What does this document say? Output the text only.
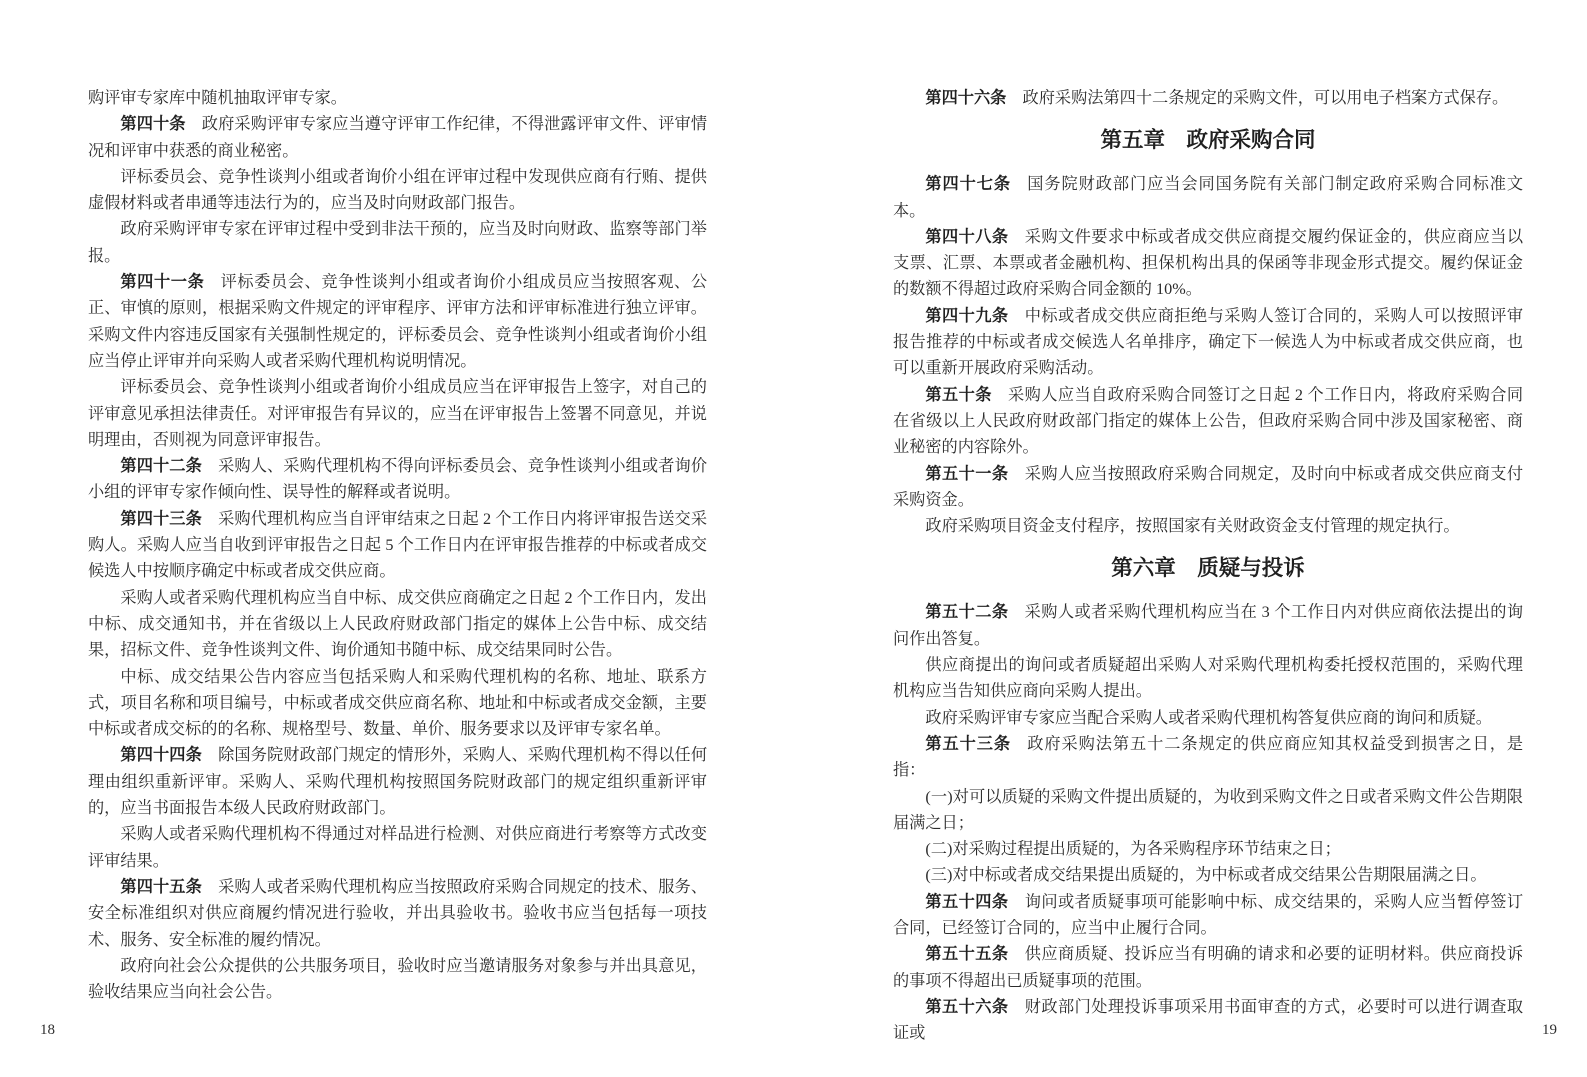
购评审专家库中随机抽取评审专家。

第四十条 政府采购评审专家应当遵守评审工作纪律，不得泄露评审文件、评审情况和评审中获悉的商业秘密。

评标委员会、竞争性谈判小组或者询价小组在评审过程中发现供应商有行贿、提供虚假材料或者串通等违法行为的，应当及时向财政部门报告。

政府采购评审专家在评审过程中受到非法干预的，应当及时向财政、监察等部门举报。

第四十一条 评标委员会、竞争性谈判小组或者询价小组成员应当按照客观、公正、审慎的原则，根据采购文件规定的评审程序、评审方法和评审标准进行独立评审。采购文件内容违反国家有关强制性规定的，评标委员会、竞争性谈判小组或者询价小组应当停止评审并向采购人或者采购代理机构说明情况。

评标委员会、竞争性谈判小组或者询价小组成员应当在评审报告上签字，对自己的评审意见承担法律责任。对评审报告有异议的，应当在评审报告上签署不同意见，并说明理由，否则视为同意评审报告。

第四十二条 采购人、采购代理机构不得向评标委员会、竞争性谈判小组或者询价小组的评审专家作倾向性、误导性的解释或者说明。

第四十三条 采购代理机构应当自评审结束之日起 2 个工作日内将评审报告送交采购人。采购人应当自收到评审报告之日起 5 个工作日内在评审报告推荐的中标或者成交候选人中按顺序确定中标或者成交供应商。

采购人或者采购代理机构应当自中标、成交供应商确定之日起 2 个工作日内，发出中标、成交通知书，并在省级以上人民政府财政部门指定的媒体上公告中标、成交结果，招标文件、竞争性谈判文件、询价通知书随中标、成交结果同时公告。

中标、成交结果公告内容应当包括采购人和采购代理机构的名称、地址、联系方式，项目名称和项目编号，中标或者成交供应商名称、地址和中标或者成交金额，主要中标或者成交标的的名称、规格型号、数量、单价、服务要求以及评审专家名单。

第四十四条 除国务院财政部门规定的情形外，采购人、采购代理机构不得以任何理由组织重新评审。采购人、采购代理机构按照国务院财政部门的规定组织重新评审的，应当书面报告本级人民政府财政部门。

采购人或者采购代理机构不得通过对样品进行检测、对供应商进行考察等方式改变评审结果。

第四十五条 采购人或者采购代理机构应当按照政府采购合同规定的技术、服务、安全标准组织对供应商履约情况进行验收，并出具验收书。验收书应当包括每一项技术、服务、安全标准的履约情况。

政府向社会公众提供的公共服务项目，验收时应当邀请服务对象参与并出具意见，验收结果应当向社会公告。

第四十六条 政府采购法第四十二条规定的采购文件，可以用电子档案方式保存。

第五章　政府采购合同

第四十七条 国务院财政部门应当会同国务院有关部门制定政府采购合同标准文本。

第四十八条 采购文件要求中标或者成交供应商提交履约保证金的，供应商应当以支票、汇票、本票或者金融机构、担保机构出具的保函等非现金形式提交。履约保证金的数额不得超过政府采购合同金额的 10%。

第四十九条 中标或者成交供应商拒绝与采购人签订合同的，采购人可以按照评审报告推荐的中标或者成交候选人名单排序，确定下一候选人为中标或者成交供应商，也可以重新开展政府采购活动。

第五十条 采购人应当自政府采购合同签订之日起 2 个工作日内，将政府采购合同在省级以上人民政府财政部门指定的媒体上公告，但政府采购合同中涉及国家秘密、商业秘密的内容除外。

第五十一条 采购人应当按照政府采购合同规定，及时向中标或者成交供应商支付采购资金。

政府采购项目资金支付程序，按照国家有关财政资金支付管理的规定执行。

第六章　质疑与投诉

第五十二条 采购人或者采购代理机构应当在 3 个工作日内对供应商依法提出的询问作出答复。

供应商提出的询问或者质疑超出采购人对采购代理机构委托授权范围的，采购代理机构应当告知供应商向采购人提出。

政府采购评审专家应当配合采购人或者采购代理机构答复供应商的询问和质疑。

第五十三条 政府采购法第五十二条规定的供应商应知其权益受到损害之日，是指：

(一)对可以质疑的采购文件提出质疑的，为收到采购文件之日或者采购文件公告期限届满之日；

(二)对采购过程提出质疑的，为各采购程序环节结束之日；

(三)对中标或者成交结果提出质疑的，为中标或者成交结果公告期限届满之日。

第五十四条 询问或者质疑事项可能影响中标、成交结果的，采购人应当暂停签订合同，已经签订合同的，应当中止履行合同。

第五十五条 供应商质疑、投诉应当有明确的请求和必要的证明材料。供应商投诉的事项不得超出已质疑事项的范围。

第五十六条 财政部门处理投诉事项采用书面审查的方式，必要时可以进行调查取证或

18	19
